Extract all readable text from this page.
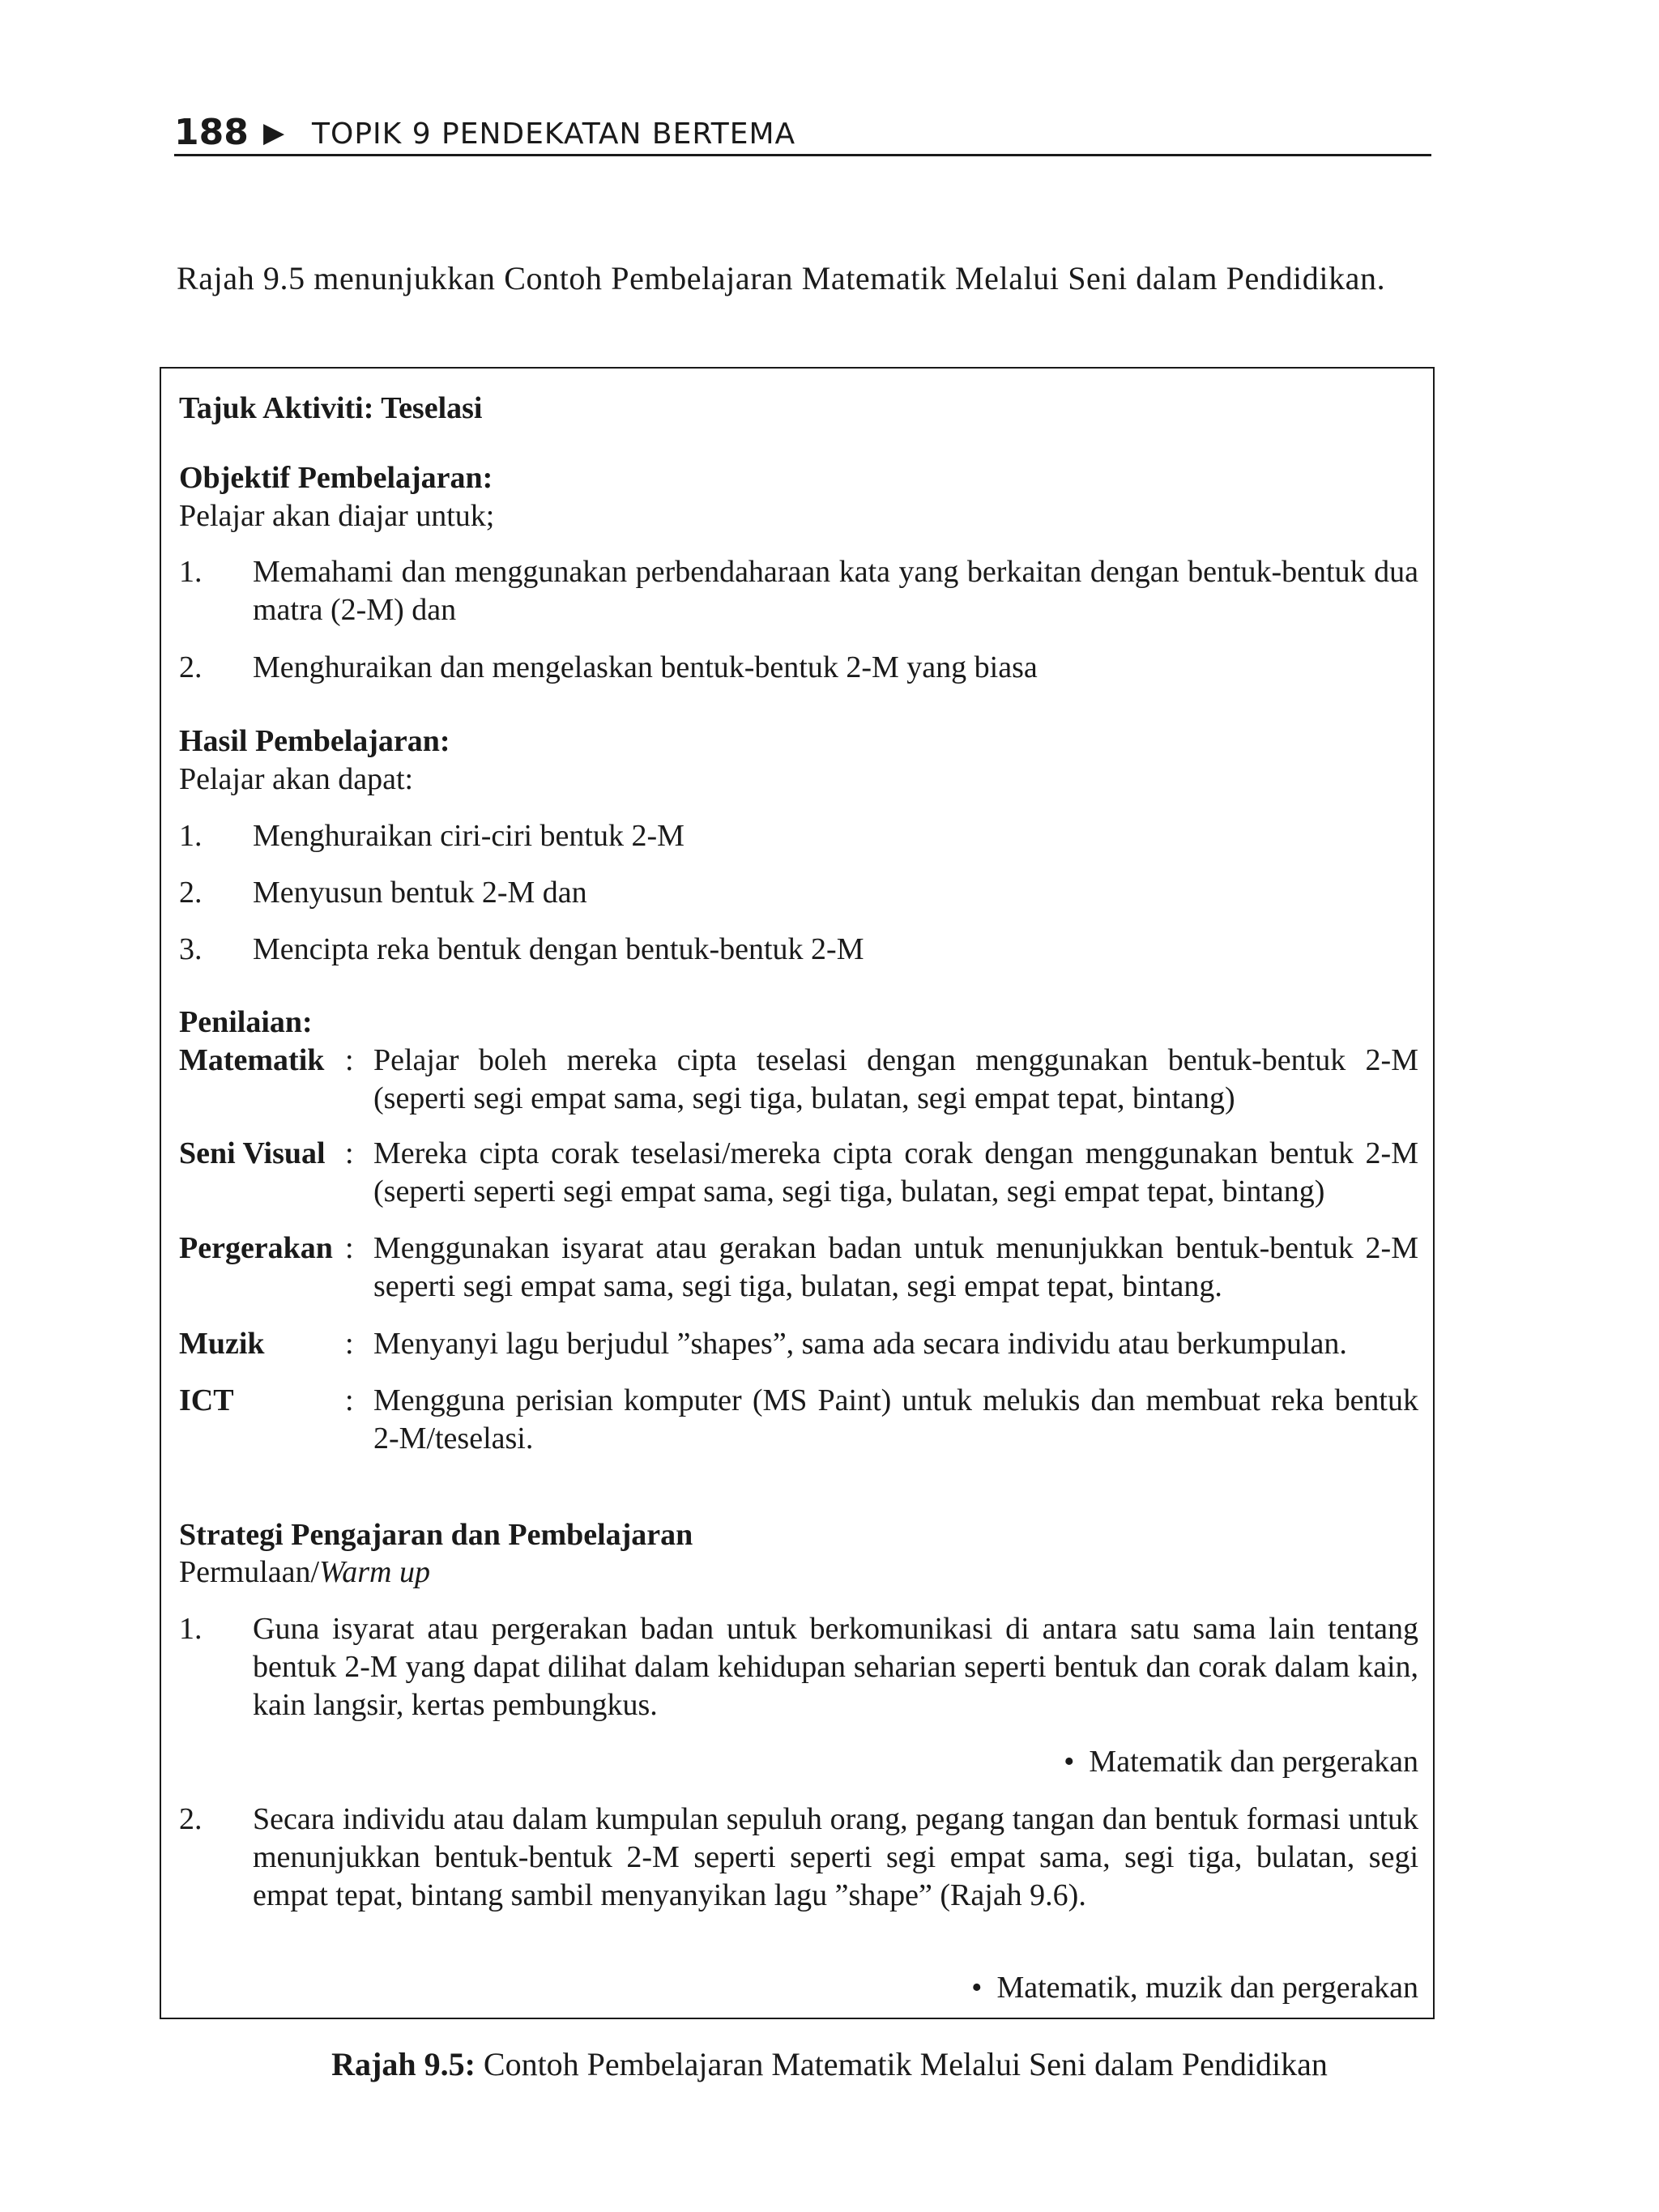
188 ▶ TOPIK 9 PENDEKATAN BERTEMA
Rajah 9.5 menunjukkan Contoh Pembelajaran Matematik Melalui Seni dalam Pendidikan.
Tajuk Aktiviti: Teselasi
Objektif Pembelajaran:
Pelajar akan diajar untuk;
1. Memahami dan menggunakan perbendaharaan kata yang berkaitan dengan bentuk-bentuk dua matra (2-M) dan
2. Menghuraikan dan mengelaskan bentuk-bentuk 2-M yang biasa
Hasil Pembelajaran:
Pelajar akan dapat:
1. Menghuraikan ciri-ciri bentuk 2-M
2. Menyusun bentuk 2-M dan
3. Mencipta reka bentuk dengan bentuk-bentuk 2-M
Penilaian:
Matematik : Pelajar boleh mereka cipta teselasi dengan menggunakan bentuk-bentuk 2-M (seperti segi empat sama, segi tiga, bulatan, segi empat tepat, bintang)
Seni Visual : Mereka cipta corak teselasi/mereka cipta corak dengan menggunakan bentuk 2-M (seperti seperti segi empat sama, segi tiga, bulatan, segi empat tepat, bintang)
Pergerakan : Menggunakan isyarat atau gerakan badan untuk menunjukkan bentuk-bentuk 2-M seperti segi empat sama, segi tiga, bulatan, segi empat tepat, bintang.
Muzik	: Menyanyi lagu berjudul ”shapes”, sama ada secara individu atau berkumpulan.
ICT	: Mengguna perisian komputer (MS Paint) untuk melukis dan membuat reka bentuk 2-M/teselasi.
Strategi Pengajaran dan Pembelajaran
Permulaan/Warm up
1. Guna isyarat atau pergerakan badan untuk berkomunikasi di antara satu sama lain tentang bentuk 2-M yang dapat dilihat dalam kehidupan seharian seperti bentuk dan corak dalam kain, kain langsir, kertas pembungkus.
• Matematik dan pergerakan
2. Secara individu atau dalam kumpulan sepuluh orang, pegang tangan dan bentuk formasi untuk menunjukkan bentuk-bentuk 2-M seperti seperti segi empat sama, segi tiga, bulatan, segi empat tepat, bintang sambil menyanyikan lagu ”shape” (Rajah 9.6).
• Matematik, muzik dan pergerakan
Rajah 9.5: Contoh Pembelajaran Matematik Melalui Seni dalam Pendidikan
